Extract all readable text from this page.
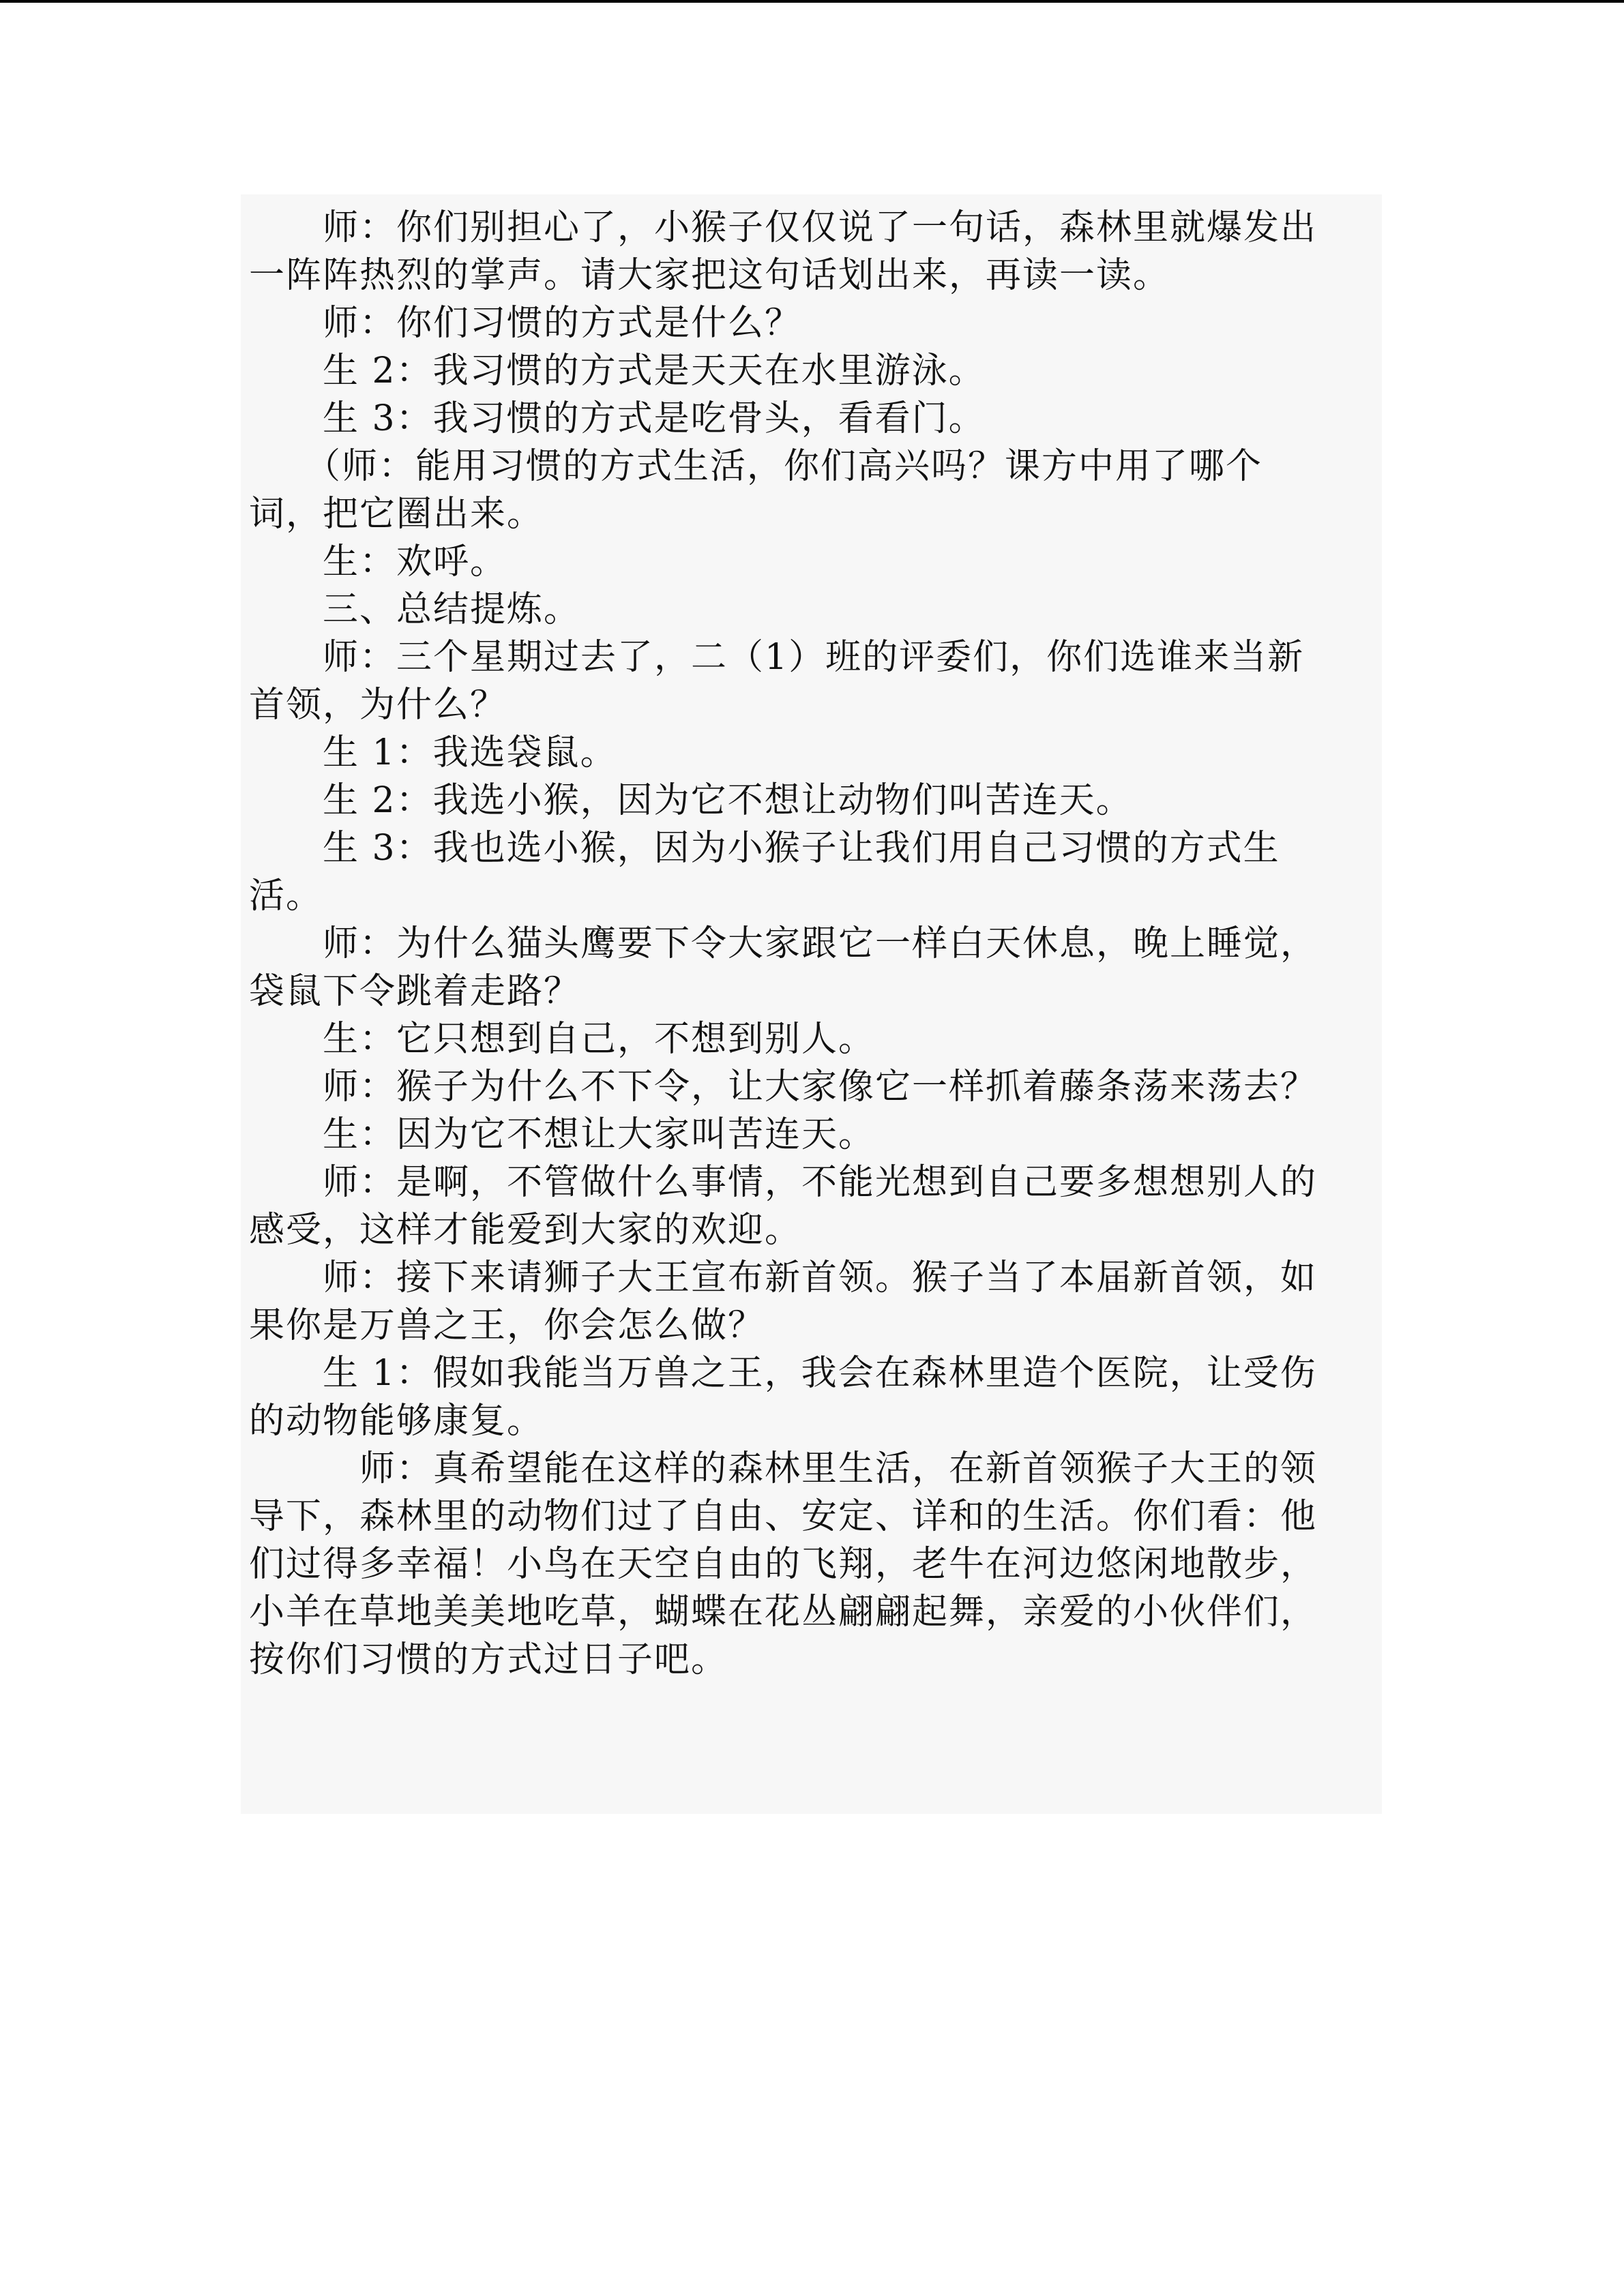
　　师：你们别担心了，小猴子仅仅说了一句话，森林里就爆发出
一阵阵热烈的掌声。请大家把这句话划出来，再读一读。
　　师：你们习惯的方式是什么？
　　生 2：我习惯的方式是天天在水里游泳。
　　生 3：我习惯的方式是吃骨头，看看门。
　　（师：能用习惯的方式生活，你们高兴吗？课方中用了哪个
词，把它圈出来。
　　生：欢呼。
　　三、总结提炼。
　　师：三个星期过去了，二（1）班的评委们，你们选谁来当新
首领，为什么？
　　生 1：我选袋鼠。
　　生 2：我选小猴，因为它不想让动物们叫苦连天。
　　生 3：我也选小猴，因为小猴子让我们用自己习惯的方式生
活。
　　师：为什么猫头鹰要下令大家跟它一样白天休息，晚上睡觉，
袋鼠下令跳着走路？
　　生：它只想到自己，不想到别人。
　　师：猴子为什么不下令，让大家像它一样抓着藤条荡来荡去？
　　生：因为它不想让大家叫苦连天。
　　师：是啊，不管做什么事情，不能光想到自己要多想想别人的
感受，这样才能爱到大家的欢迎。
　　师：接下来请狮子大王宣布新首领。猴子当了本届新首领，如
果你是万兽之王，你会怎么做？
　　生 1：假如我能当万兽之王，我会在森林里造个医院，让受伤
的动物能够康复。
　　　师：真希望能在这样的森林里生活，在新首领猴子大王的领
导下，森林里的动物们过了自由、安定、详和的生活。你们看：他
们过得多幸福！小鸟在天空自由的飞翔，老牛在河边悠闲地散步，
小羊在草地美美地吃草，蝴蝶在花丛翩翩起舞，亲爱的小伙伴们，
按你们习惯的方式过日子吧。
